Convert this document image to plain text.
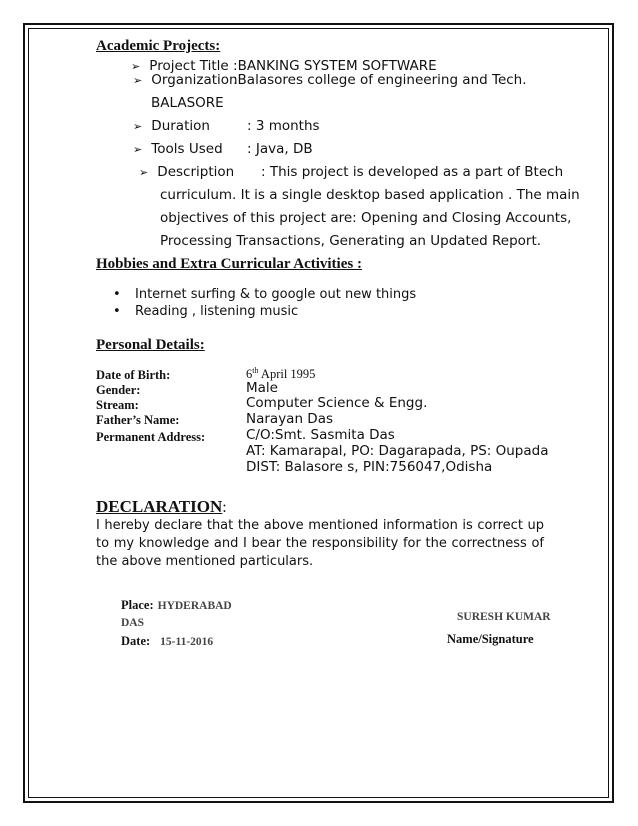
Academic Projects:
➢ Project Title :BANKING SYSTEM SOFTWARE
➢ Organization
:Balasores college of engineering and Tech.
BALASORE
➢ Duration	: 3 months
➢ Tools Used : Java, DB
➢ Description : This project is developed as a part of Btech
curriculum. It is a single desktop based application . The main
objectives of this project are: Opening and Closing Accounts,
Processing Transactions, Generating an Updated Report.
Hobbies and Extra Curricular Activities :
• Internet surfing & to google out new things
• Reading , listening music
Personal Details:
Date of Birth:	6th April 1995
Gender:	Male
Stream:	Computer Science & Engg.
Father’s Name:	Narayan Das
Permanent Address:	C/O:Smt. Sasmita Das
AT: Kamarapal, PO: Dagarapada, PS: Oupada
DIST: Balasore s, PIN:756047,Odisha
DECLARATION:
I hereby declare that the above mentioned information is correct up to my knowledge and I bear the responsibility for the correctness of the above mentioned particulars.
Place: HYDERABAD
SURESH KUMAR
DAS
Date: 15-11-2016	Name/Signature
